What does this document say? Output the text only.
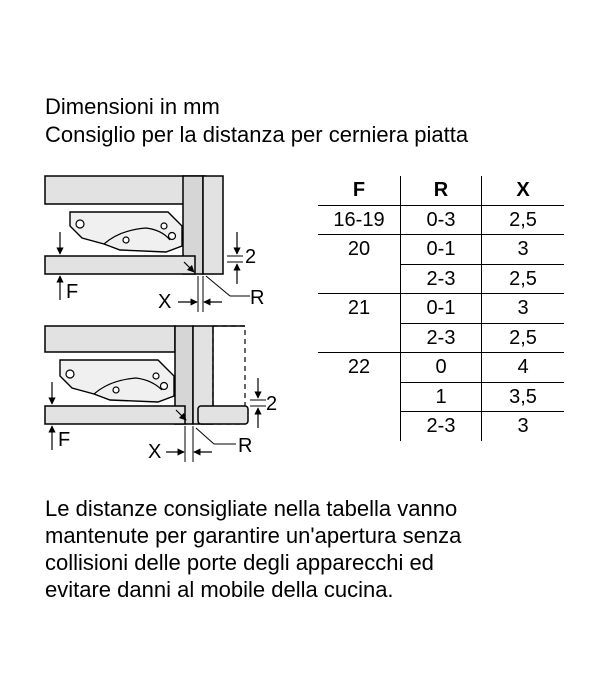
Dimensioni in mm
Consiglio per la distanza per cerniera piatta
F
2
X	R
F
2
X	R
F	R	X
16-19	0-3	2,5
20	0-1	3
	2-3	2,5
21	0-1	3
	2-3	2,5
22	0	4
	1	3,5
	2-3	3

Le distanze consigliate nella tabella vanno
mantenute per garantire un'apertura senza
collisioni delle porte degli apparecchi ed
evitare danni al mobile della cucina.
